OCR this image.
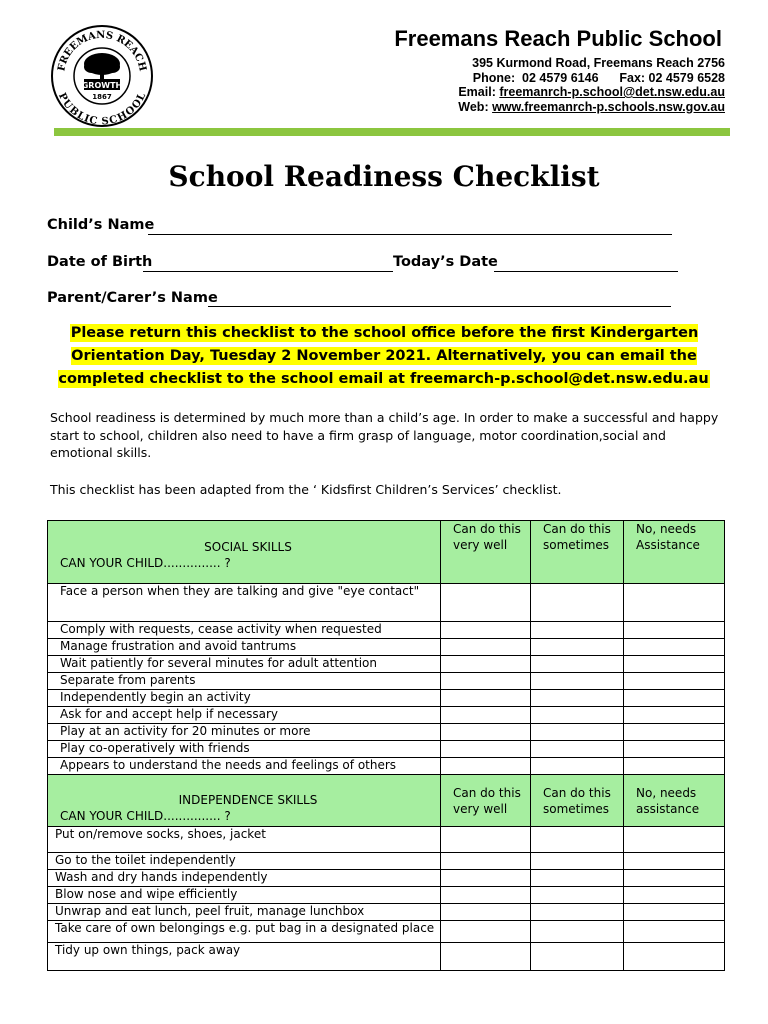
FREEMANS REACH
PUBLIC SCHOOL
GROWTH
1867
Freemans Reach Public School
395 Kurmond Road, Freemans Reach 2756
Phone:  02 4579 6146      Fax: 02 4579 6528
Email: freemanrch-p.school@det.nsw.edu.au
Web: www.freemanrch-p.schools.nsw.gov.au
School Readiness Checklist
Child’s Name
Date of Birth	Today’s Date
Parent/Carer’s Name
Please return this checklist to the school office before the first Kindergarten Orientation Day, Tuesday 2 November 2021. Alternatively, you can email the completed checklist to the school email at freemarch-p.school@det.nsw.edu.au
School readiness is determined by much more than a child’s age. In order to make a successful and happy start to school, children also need to have a firm grasp of language, motor coordination,social and emotional skills.
This checklist has been adapted from the ‘ Kidsfirst Children’s Services’ checklist.
SOCIAL SKILLS
CAN YOUR CHILD............... ?	Can do this very well	Can do this sometimes	No, needs Assistance
Face a person when they are talking and give "eye contact"			
Comply with requests, cease activity when requested			
Manage frustration and avoid tantrums			
Wait patiently for several minutes for adult attention			
Separate from parents			
Independently begin an activity			
Ask for and accept help if necessary			
Play at an activity for 20 minutes or more			
Play co-operatively with friends			
Appears to understand the needs and feelings of others			

INDEPENDENCE SKILLS
CAN YOUR CHILD............... ?	Can do this very well	Can do this sometimes	No, needs assistance
Put on/remove socks, shoes, jacket			
Go to the toilet independently			
Wash and dry hands independently			
Blow nose and wipe efficiently			
Unwrap and eat lunch, peel fruit, manage lunchbox			
Take care of own belongings e.g. put bag in a designated place			
Tidy up own things, pack away			
